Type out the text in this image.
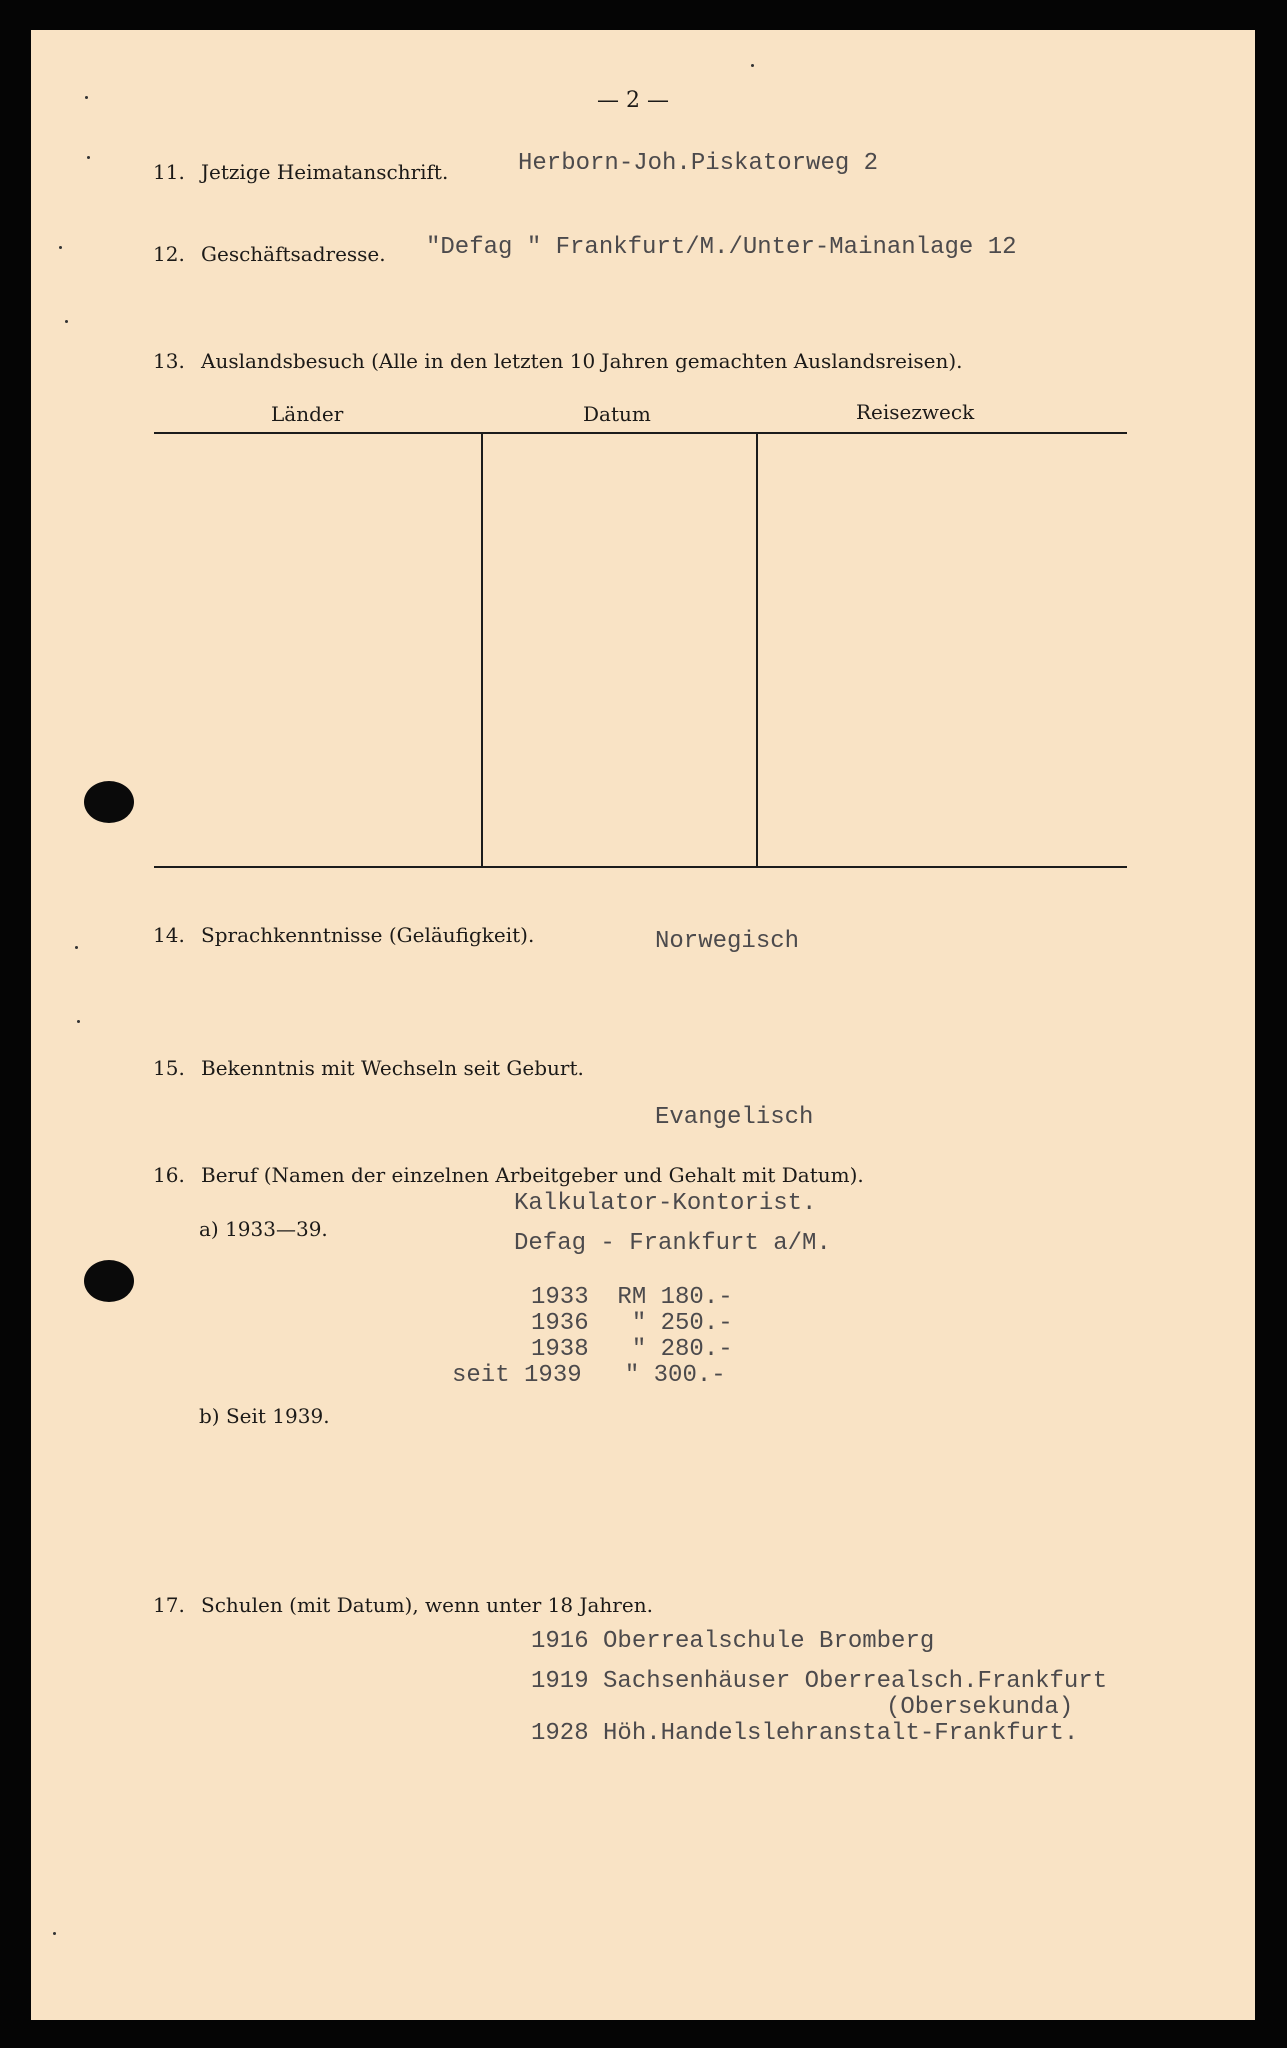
— 2 —
11. Jetzige Heimatanschrift.	Herborn-Joh.Piskatorweg 2
12. Geschäftsadresse. "Defag " Frankfurt/M./Unter-Mainanlage 12
13. Auslandsbesuch (Alle in den letzten 10 Jahren gemachten Auslandsreisen).
Länder	Datum	Reisezweck
14. Sprachkenntnisse (Geläufigkeit).	Norwegisch
15. Bekenntnis mit Wechseln seit Geburt.
Evangelisch
16. Beruf (Namen der einzelnen Arbeitgeber und Gehalt mit Datum).
a) 1933—39.
Kalkulator-Kontorist.
Defag - Frankfurt a/M.
1933  RM 180.-
1936   " 250.-
1938   " 280.-
seit 1939   " 300.-
b) Seit 1939.
17. Schulen (mit Datum), wenn unter 18 Jahren.
1916 Oberrealschule Bromberg
1919 Sachsenhäuser Oberrealsch.Frankfurt
(Obersekunda)
1928 Höh.Handelslehranstalt-Frankfurt.
